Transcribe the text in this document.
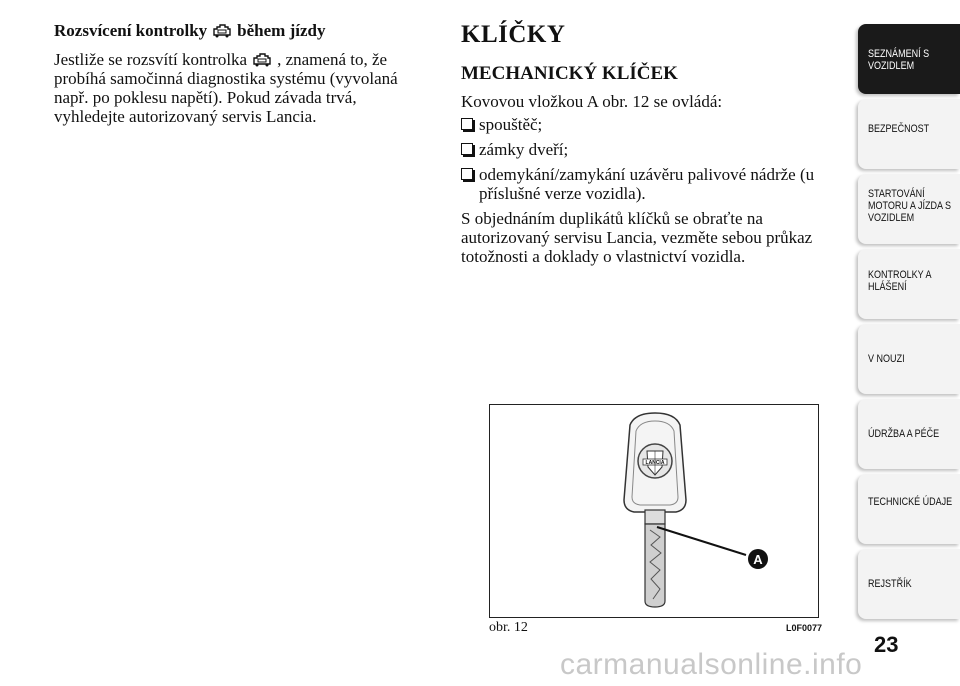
Rozsvícení kontrolky během jízdy

Jestliže se rozsvítí kontrolka , znamená to, že probíhá samočinná diagnostika systému (vyvolaná např. po poklesu napětí). Pokud závada trvá, vyhledejte autorizovaný servis Lancia.

KLÍČKY
MECHANICKÝ KLÍČEK

Kovovou vložkou A obr. 12 se ovládá:

spouštěč;
zámky dveří;
odemykání/zamykání uzávěru palivové nádrže (u příslušné verze vozidla).

S objednáním duplikátů klíčků se obraťte na autorizovaný servisu Lancia, vezměte sebou průkaz totožnosti a doklady o vlastnictví vozidla.

LANCIA
A
obr. 12	L0F0077
SEZNÁMENÍ S VOZIDLEM
BEZPEČNOST
STARTOVÁNÍ MOTORU A JÍZDA S VOZIDLEM
KONTROLKY A HLÁŠENÍ
V NOUZI
ÚDRŽBA A PÉČE
TECHNICKÉ ÚDAJE
REJSTŘÍK
23
carmanualsonline.info
